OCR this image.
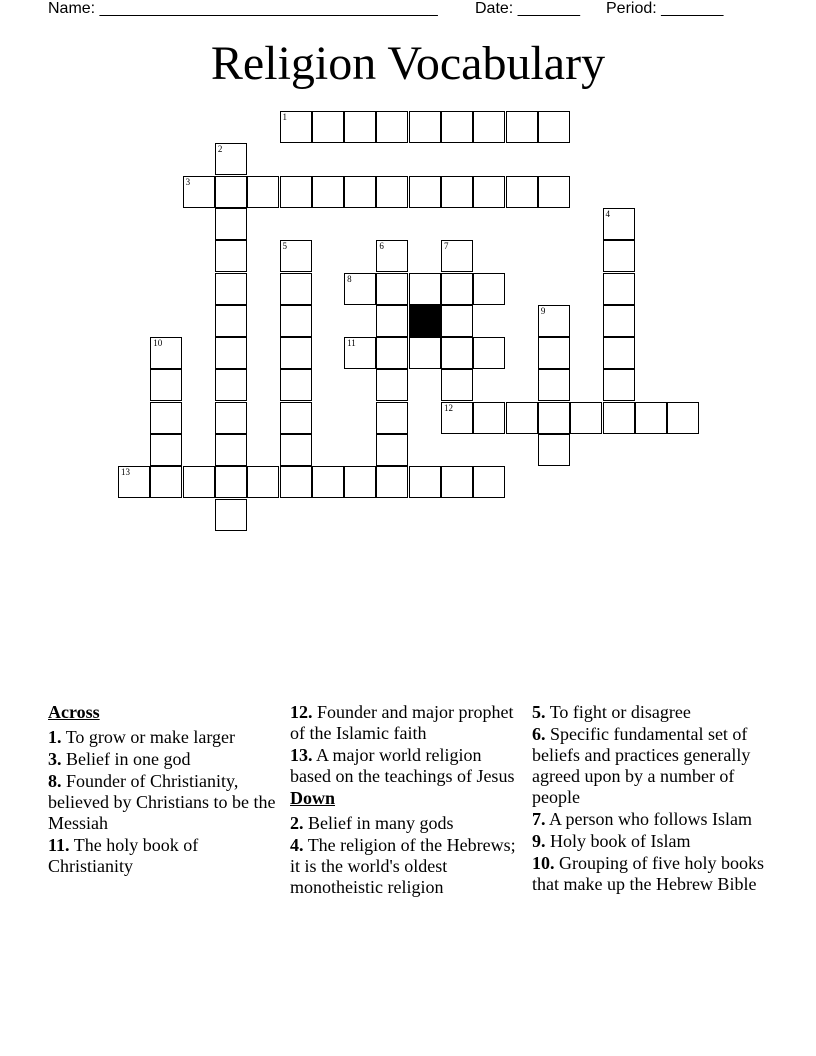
Name: ______________________________________ Date: _______ Period: _______
Religion Vocabulary
1
3
8
11
12
13
2
4
5	6	7
9
10
Across
1. To grow or make larger
3. Belief in one god
8. Founder of Christianity, believed by Christians to be the Messiah
11. The holy book of Christianity
12. Founder and major prophet of the Islamic faith
13. A major world religion based on the teachings of Jesus
Down
2. Belief in many gods
4. The religion of the Hebrews; it is the world's oldest monotheistic religion
5. To fight or disagree
6. Specific fundamental set of beliefs and practices generally agreed upon by a number of people
7. A person who follows Islam
9. Holy book of Islam
10. Grouping of five holy books that make up the Hebrew Bible
